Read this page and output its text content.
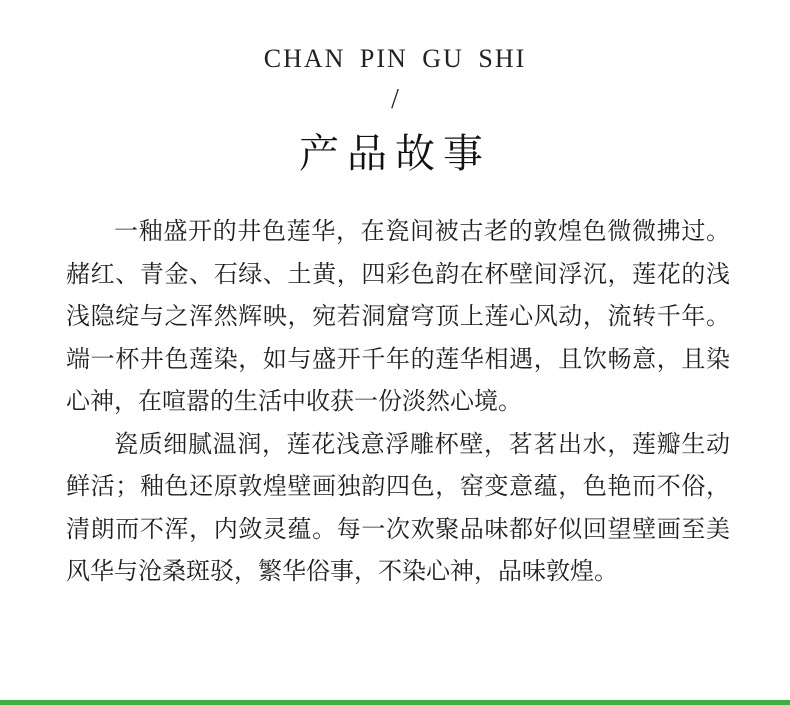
CHAN PIN GU SHI
/
产品故事

一釉盛开的井色莲华，在瓷间被古老的敦煌色微微拂过。赭红、青金、石绿、土黄，四彩色韵在杯壁间浮沉，莲花的浅浅隐绽与之浑然辉映，宛若洞窟穹顶上莲心风动，流转千年。端一杯井色莲染，如与盛开千年的莲华相遇，且饮畅意，且染心神，在喧嚣的生活中收获一份淡然心境。

瓷质细腻温润，莲花浅意浮雕杯壁，茗茗出水，莲瓣生动鲜活；釉色还原敦煌壁画独韵四色，窑变意蕴，色艳而不俗，清朗而不浑，内敛灵蕴。每一次欢聚品味都好似回望壁画至美风华与沧桑斑驳，繁华俗事，不染心神，品味敦煌。
